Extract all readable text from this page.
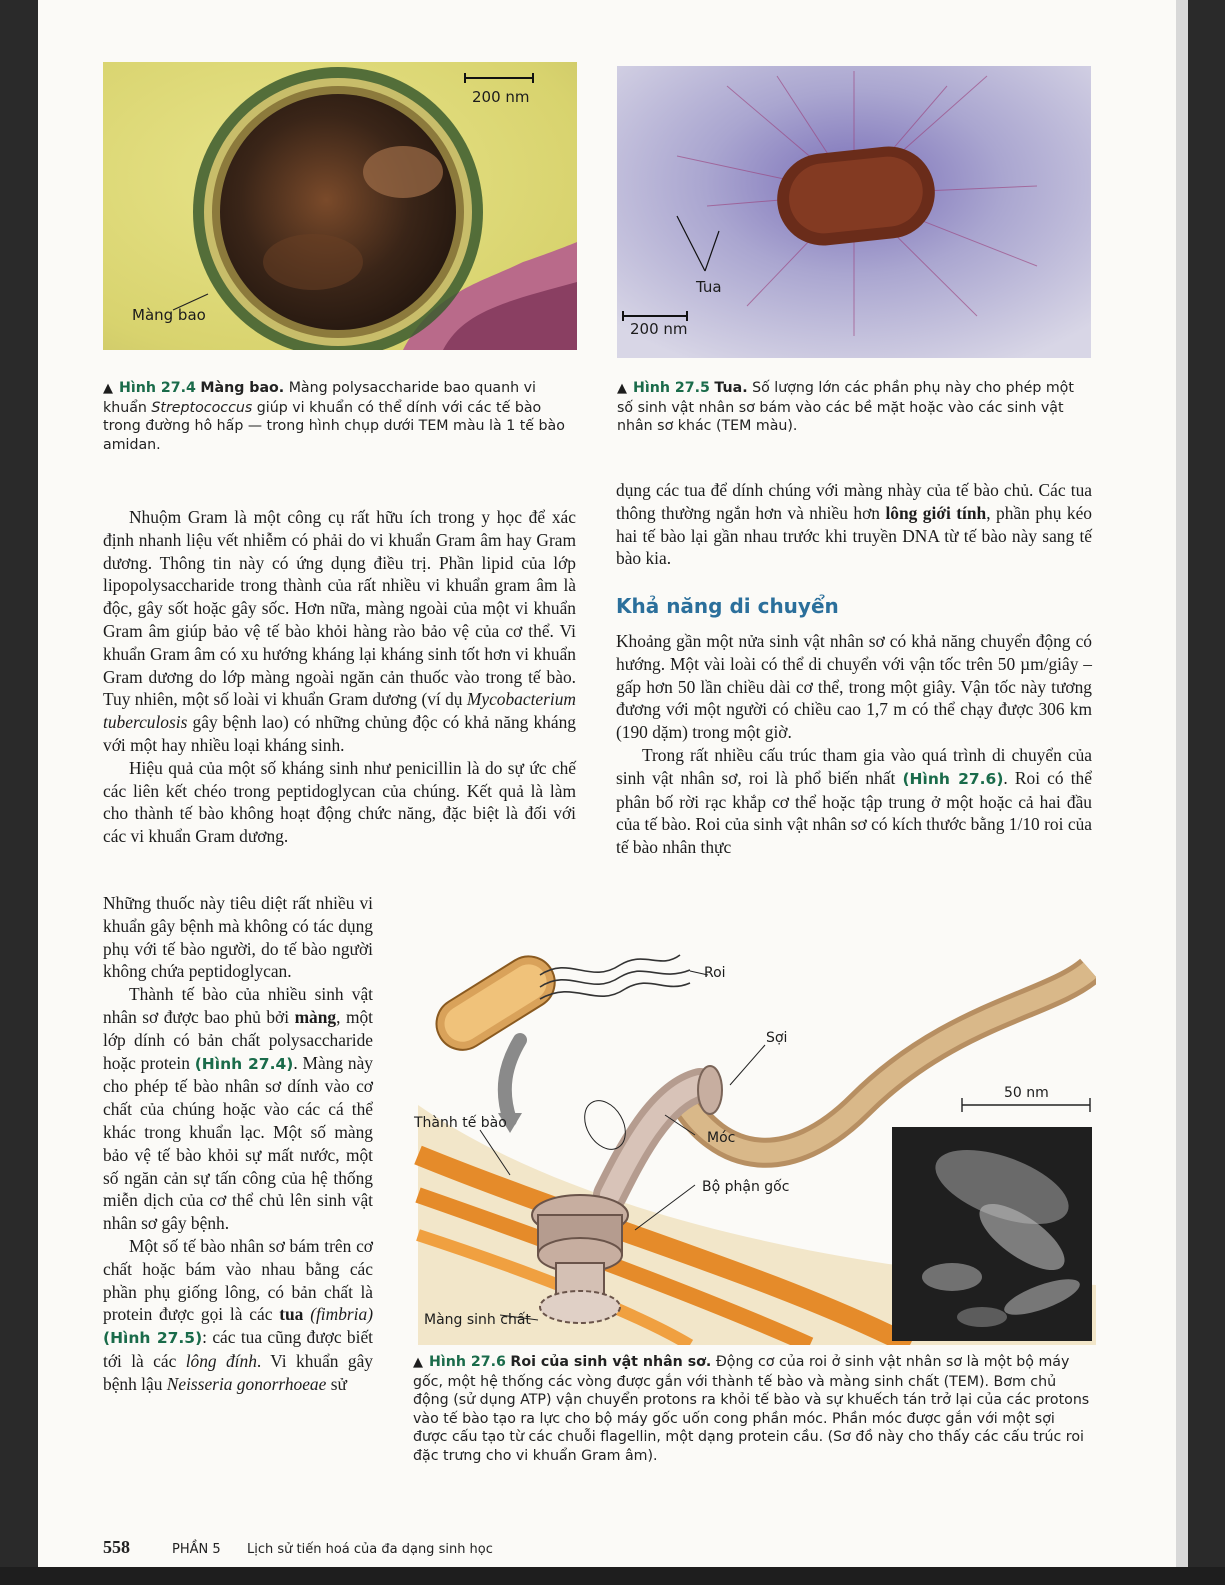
200 nm
Màng bao
▲ Hình 27.4 Màng bao. Màng polysaccharide bao quanh vi khuẩn Streptococcus giúp vi khuẩn có thể dính với các tế bào trong đường hô hấp — trong hình chụp dưới TEM màu là 1 tế bào amidan.
Tua
200 nm
▲ Hình 27.5 Tua. Số lượng lớn các phần phụ này cho phép một số sinh vật nhân sơ bám vào các bề mặt hoặc vào các sinh vật nhân sơ khác (TEM màu).

dụng các tua để dính chúng với màng nhày của tế bào chủ. Các tua thông thường ngắn hơn và nhiều hơn lông giới tính, phần phụ kéo hai tế bào lại gần nhau trước khi truyền DNA từ tế bào này sang tế bào kia.

Khả năng di chuyển

Khoảng gần một nửa sinh vật nhân sơ có khả năng chuyển động có hướng. Một vài loài có thể di chuyển với vận tốc trên 50 µm/giây – gấp hơn 50 lần chiều dài cơ thể, trong một giây. Vận tốc này tương đương với một người có chiều cao 1,7 m có thể chạy được 306 km (190 dặm) trong một giờ.

Trong rất nhiều cấu trúc tham gia vào quá trình di chuyển của sinh vật nhân sơ, roi là phổ biến nhất (Hình 27.6). Roi có thể phân bố rời rạc khắp cơ thể hoặc tập trung ở một hoặc cả hai đầu của tế bào. Roi của sinh vật nhân sơ có kích thước bằng 1/10 roi của tế bào nhân thực

Nhuộm Gram là một công cụ rất hữu ích trong y học để xác định nhanh liệu vết nhiễm có phải do vi khuẩn Gram âm hay Gram dương. Thông tin này có ứng dụng điều trị. Phần lipid của lớp lipopolysaccharide trong thành của rất nhiều vi khuẩn gram âm là độc, gây sốt hoặc gây sốc. Hơn nữa, màng ngoài của một vi khuẩn Gram âm giúp bảo vệ tế bào khỏi hàng rào bảo vệ của cơ thể. Vi khuẩn Gram âm có xu hướng kháng lại kháng sinh tốt hơn vi khuẩn Gram dương do lớp màng ngoài ngăn cản thuốc vào trong tế bào. Tuy nhiên, một số loài vi khuẩn Gram dương (ví dụ Mycobacterium tuberculosis gây bệnh lao) có những chủng độc có khả năng kháng với một hay nhiều loại kháng sinh.

Hiệu quả của một số kháng sinh như penicillin là do sự ức chế các liên kết chéo trong peptidoglycan của chúng. Kết quả là làm cho thành tế bào không hoạt động chức năng, đặc biệt là đối với các vi khuẩn Gram dương.

Những thuốc này tiêu diệt rất nhiều vi khuẩn gây bệnh mà không có tác dụng phụ với tế bào người, do tế bào người không chứa peptidoglycan.

Thành tế bào của nhiều sinh vật nhân sơ được bao phủ bởi màng, một lớp dính có bản chất polysaccharide hoặc protein (Hình 27.4). Màng này cho phép tế bào nhân sơ dính vào cơ chất của chúng hoặc vào các cá thể khác trong khuẩn lạc. Một số màng bảo vệ tế bào khỏi sự mất nước, một số ngăn cản sự tấn công của hệ thống miễn dịch của cơ thể chủ lên sinh vật nhân sơ gây bệnh.

Một số tế bào nhân sơ bám trên cơ chất hoặc bám vào nhau bằng các phần phụ giống lông, có bản chất là protein được gọi là các tua (fimbria) (Hình 27.5): các tua cũng được biết tới là các lông đính. Vi khuẩn gây bệnh lậu Neisseria gonorrhoeae sử

Roi
Sợi
Móc
Bộ phận gốc
Thành tế bào
Màng sinh chất
50 nm
▲ Hình 27.6 Roi của sinh vật nhân sơ. Động cơ của roi ở sinh vật nhân sơ là một bộ máy gốc, một hệ thống các vòng được gắn với thành tế bào và màng sinh chất (TEM). Bơm chủ động (sử dụng ATP) vận chuyển protons ra khỏi tế bào và sự khuếch tán trở lại của các protons vào tế bào tạo ra lực cho bộ máy gốc uốn cong phần móc. Phần móc được gắn với một sợi được cấu tạo từ các chuỗi flagellin, một dạng protein cầu. (Sơ đồ này cho thấy các cấu trúc roi đặc trưng cho vi khuẩn Gram âm).
558	PHẦN 5 Lịch sử tiến hoá của đa dạng sinh học
